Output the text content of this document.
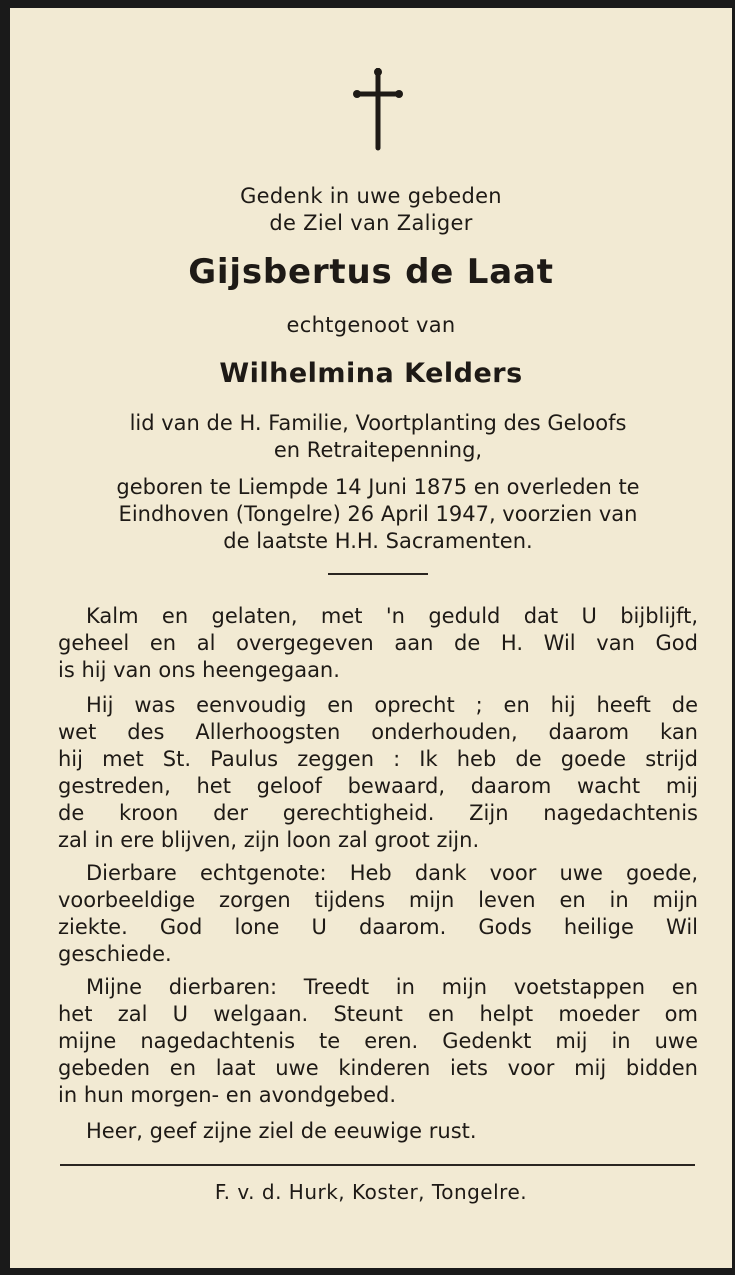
Gedenk in uwe gebeden
de Ziel van Zaliger
Gijsbertus de Laat
echtgenoot van
Wilhelmina Kelders
lid van de H. Familie, Voortplanting des Geloofs
en Retraitepenning,
geboren te Liempde 14 Juni 1875 en overleden te
Eindhoven (Tongelre) 26 April 1947, voorzien van
de laatste H.H. Sacramenten.
Kalm en gelaten, met 'n geduld dat U bijblijft,
geheel en al overgegeven aan de H. Wil van God
is hij van ons heengegaan.
Hij was eenvoudig en oprecht ; en hij heeft de
wet des Allerhoogsten onderhouden, daarom kan
hij met St. Paulus zeggen : Ik heb de goede strijd
gestreden, het geloof bewaard, daarom wacht mij
de kroon der gerechtigheid. Zijn nagedachtenis
zal in ere blijven, zijn loon zal groot zijn.
Dierbare echtgenote: Heb dank voor uwe goede,
voorbeeldige zorgen tijdens mijn leven en in mijn
ziekte. God lone U daarom. Gods heilige Wil
geschiede.
Mijne dierbaren: Treedt in mijn voetstappen en
het zal U welgaan. Steunt en helpt moeder om
mijne nagedachtenis te eren. Gedenkt mij in uwe
gebeden en laat uwe kinderen iets voor mij bidden
in hun morgen- en avondgebed.
Heer, geef zijne ziel de eeuwige rust.
F. v. d. Hurk, Koster, Tongelre.
